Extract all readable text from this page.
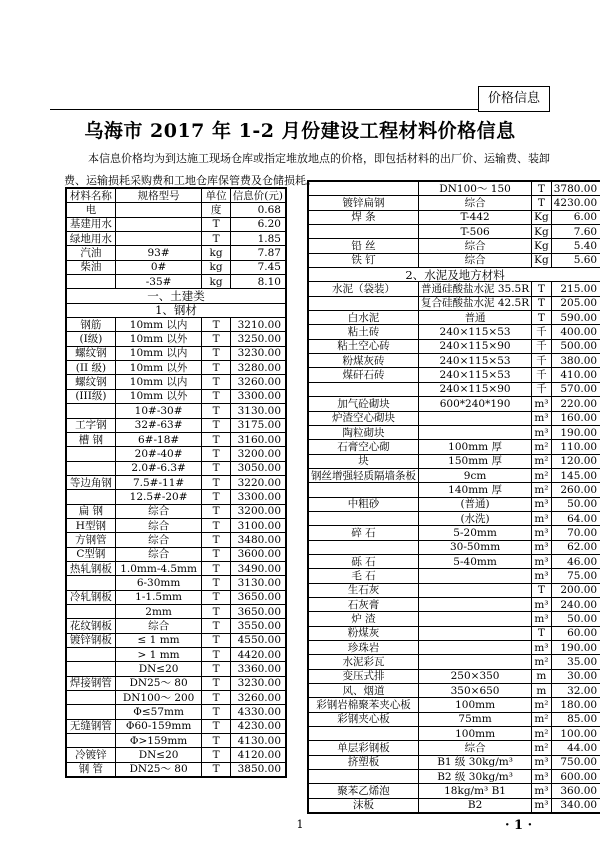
价格信息
乌海市 2017 年 1-2 月份建设工程材料价格信息
本信息价格均为到达施工现场仓库或指定堆放地点的价格，即包括材料的出厂价、运输费、装卸费、运输损耗采购费和工地仓库保管费及仓储损耗。
材料名称	规格型号	单位	信息价(元)
电		度	0.68
基建用水		T	6.20
绿地用水		T	1.85
汽油	93#	kg	7.87
柴油	0#	kg	7.45
	-35#	kg	8.10
一、土建类			
1、钢材			
钢筋	10mm 以内	T	3210.00
(I级)	10mm 以外	T	3250.00
螺纹钢	10mm 以内	T	3230.00
(II 级)	10mm 以外	T	3280.00
螺纹钢	10mm 以内	T	3260.00
(III级)	10mm 以外	T	3300.00
	10#-30#	T	3130.00
工字钢	32#-63#	T	3175.00
槽 钢	6#-18#	T	3160.00
	20#-40#	T	3200.00
	2.0#-6.3#	T	3050.00
等边角钢	7.5#-11#	T	3220.00
	12.5#-20#	T	3300.00
扁 钢	综合	T	3200.00
H型钢	综合	T	3100.00
方钢管	综合	T	3480.00
C型钢	综合	T	3600.00
热轧钢板	1.0mm-4.5mm	T	3490.00
	6-30mm	T	3130.00
冷轧钢板	1-1.5mm	T	3650.00
	2mm	T	3650.00
花纹钢板	综合	T	3550.00
镀锌钢板	≤ 1 mm	T	4550.00
	> 1 mm	T	4420.00
	DN≤20	T	3360.00
焊接钢管	DN25～ 80	T	3230.00
	DN100～ 200	T	3260.00
	Φ≤57mm	T	4330.00
无缝钢管	Φ60-159mm	T	4230.00
	Φ>159mm	T	4130.00
冷镀锌	DN≤20	T	4120.00
钢 管	DN25～ 80	T	3850.00
	DN100～ 150	T	3780.00
镀锌扁钢	综合	T	4230.00
焊 条	T-442	Kg	6.00
	T-506	Kg	7.60
铅 丝	综合	Kg	5.40
铁 钉	综合	Kg	5.60
2、水泥及地方材料			
水泥（袋装）	普通硅酸盐水泥 35.5R	T	215.00
	复合硅酸盐水泥 42.5R	T	205.00
白水泥	普通	T	590.00
粘土砖	240×115×53	千	400.00
粘土空心砖	240×115×90	千	500.00
粉煤灰砖	240×115×53	千	380.00
煤矸石砖	240×115×53	千	410.00
	240×115×90	千	570.00
加气砼砌块	600*240*190	m³	220.00
炉渣空心砌块		m³	160.00
陶粒砌块		m³	190.00
石膏空心砌	100mm 厚	m²	110.00
块	150mm 厚	m²	120.00
钢丝增强轻质隔墙条板	9cm	m²	145.00
	140mm 厚	m²	260.00
中粗砂	(普通)	m³	50.00
	(水洗)	m³	64.00
碎 石	5-20mm	m³	70.00
	30-50mm	m³	62.00
砾 石	5-40mm	m³	46.00
毛 石		m³	75.00
生石灰		T	200.00
石灰膏		m³	240.00
炉 渣		m³	50.00
粉煤灰		T	60.00
珍珠岩		m³	190.00
水泥彩瓦		m²	35.00
变压式排	250×350	m	30.00
风、烟道	350×650	m	32.00
彩钢岩棉聚苯夹心板	100mm	m²	180.00
彩钢夹心板	75mm	m²	85.00
	100mm	m²	100.00
单层彩钢板	综合	m²	44.00
挤塑板	B1 级 30kg/m³	m³	750.00
	B2 级 30kg/m³	m³	600.00
聚苯乙烯泡	18kg/m³ B1	m³	360.00
沫板	B2	m³	340.00
1	· 1 ·
